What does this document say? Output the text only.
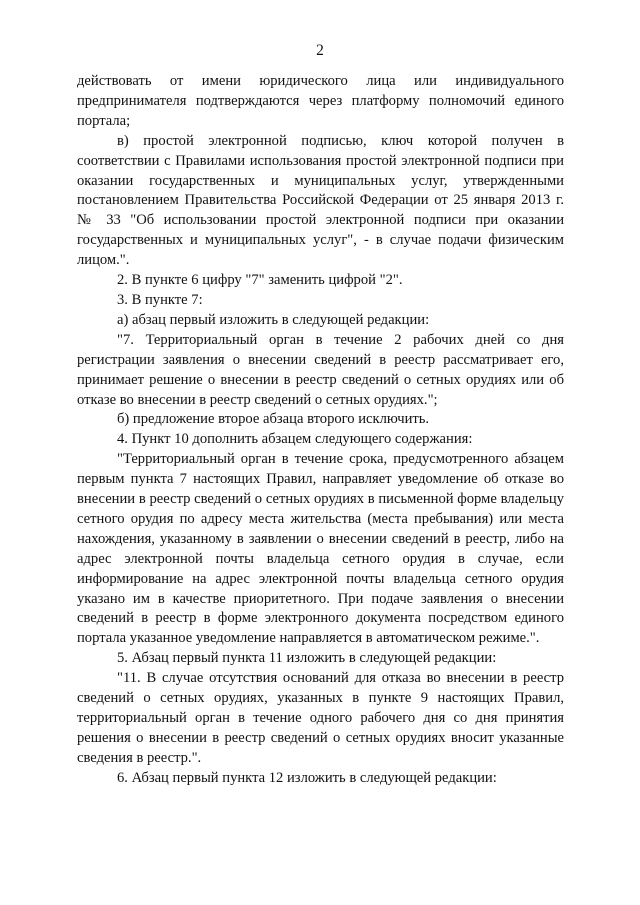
2

действовать от имени юридического лица или индивидуального предпринимателя подтверждаются через платформу полномочий единого портала;

в) простой электронной подписью, ключ которой получен в соответствии с Правилами использования простой электронной подписи при оказании государственных и муниципальных услуг, утвержденными постановлением Правительства Российской Федерации от 25 января 2013 г. № 33 "Об использовании простой электронной подписи при оказании государственных и муниципальных услуг", - в случае подачи физическим лицом.".

2. В пункте 6 цифру "7" заменить цифрой "2".

3. В пункте 7:

а) абзац первый изложить в следующей редакции:

"7. Территориальный орган в течение 2 рабочих дней со дня регистрации заявления о внесении сведений в реестр рассматривает его, принимает решение о внесении в реестр сведений о сетных орудиях или об отказе во внесении в реестр сведений о сетных орудиях.";

б) предложение второе абзаца второго исключить.

4. Пункт 10 дополнить абзацем следующего содержания:

"Территориальный орган в течение срока, предусмотренного абзацем первым пункта 7 настоящих Правил, направляет уведомление об отказе во внесении в реестр сведений о сетных орудиях в письменной форме владельцу сетного орудия по адресу места жительства (места пребывания) или места нахождения, указанному в заявлении о внесении сведений в реестр, либо на адрес электронной почты владельца сетного орудия в случае, если информирование на адрес электронной почты владельца сетного орудия указано им в качестве приоритетного. При подаче заявления о внесении сведений в реестр в форме электронного документа посредством единого портала указанное уведомление направляется в автоматическом режиме.".

5. Абзац первый пункта 11 изложить в следующей редакции:

"11. В случае отсутствия оснований для отказа во внесении в реестр сведений о сетных орудиях, указанных в пункте 9 настоящих Правил, территориальный орган в течение одного рабочего дня со дня принятия решения о внесении в реестр сведений о сетных орудиях вносит указанные сведения в реестр.".

6. Абзац первый пункта 12 изложить в следующей редакции:
